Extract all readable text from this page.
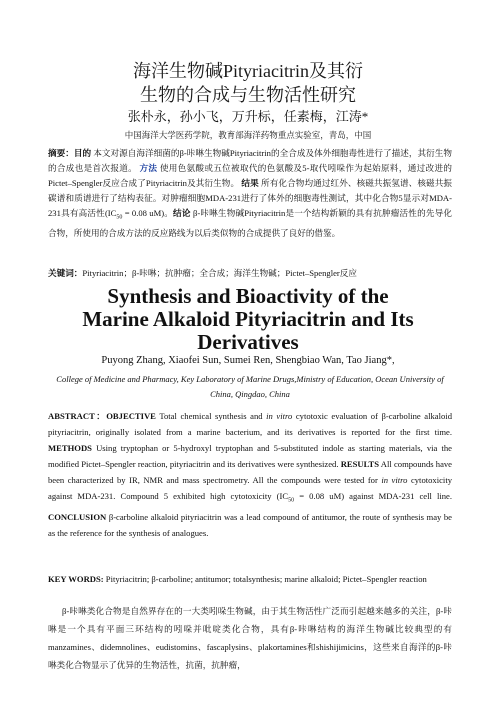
海洋生物碱Pityriacitrin及其衍
生物的合成与生物活性研究
张朴永，孙小飞，万升标，任素梅，江涛*
中国海洋大学医药学院，教育部海洋药物重点实验室，青岛，中国
摘要：目的 本文对源自海洋细菌的β-咔啉生物碱Pityriacitrin的全合成及体外细胞毒性进行了描述，其衍生物的合成也是首次报道。 方法 使用色氨酸或五位被取代的色氨酸及5-取代吲哚作为起始原料，通过改进的Pictet–Spengler反应合成了Pityriacitrin及其衍生物。 结果 所有化合物均通过红外、核磁共振氢谱、核磁共振碳谱和质谱进行了结构表征。对肿瘤细胞MDA-231进行了体外的细胞毒性测试，其中化合物5显示对MDA-231具有高活性($IC_{50} = 0.08$ uM)。结论 β-咔啉生物碱Pityriacitrin是一个结构新颖的具有抗肿瘤活性的先导化合物，所使用的合成方法的反应路线为以后类似物的合成提供了良好的借鉴。
关键词：Pityriacitrin；β-咔啉；抗肿瘤；全合成；海洋生物碱；Pictet–Spengler反应
Synthesis and Bioactivity of the
Marine Alkaloid Pityriacitrin and Its
Derivatives
Puyong Zhang, Xiaofei Sun, Sumei Ren, Shengbiao Wan, Tao Jiang*,
College of Medicine and Pharmacy, Key Laboratory of Marine Drugs,Ministry of Education, Ocean University of China, Qingdao, China
ABSTRACT：OBJECTIVE Total chemical synthesis and in vitro cytotoxic evaluation of β-carboline alkaloid pityriacitrin, originally isolated from a marine bacterium, and its derivatives is reported for the first time. METHODS Using tryptophan or 5-hydroxyl tryptophan and 5-substituted indole as starting materials, via the modified Pictet–Spengler reaction, pityriacitrin and its derivatives were synthesized. RESULTS All compounds have been characterized by IR, NMR and mass spectrometry. All the compounds were tested for in vitro cytotoxicity against MDA-231. Compound 5 exhibited high cytotoxicity ($IC_{50} = 0.08$ uM) against MDA-231 cell line. CONCLUSION β-carboline alkaloid pityriacitrin was a lead compound of antitumor, the route of synthesis may be as the reference for the synthesis of analogues.
KEY WORDS: Pityriacitrin; β-carboline; antitumor; totalsynthesis; marine alkaloid; Pictet–Spengler reaction
β-咔啉类化合物是自然界存在的一大类吲哚生物碱，由于其生物活性广泛而引起越来越多的关注，β-咔啉是一个具有平面三环结构的吲哚并吡啶类化合物，具有β-咔啉结构的海洋生物碱比较典型的有manzamines、didemnolines、eudistomins、fascaplysins、plakortamines和shishijimicins，这些来自海洋的β-咔啉类化合物显示了优异的生物活性，抗菌，抗肿瘤，
